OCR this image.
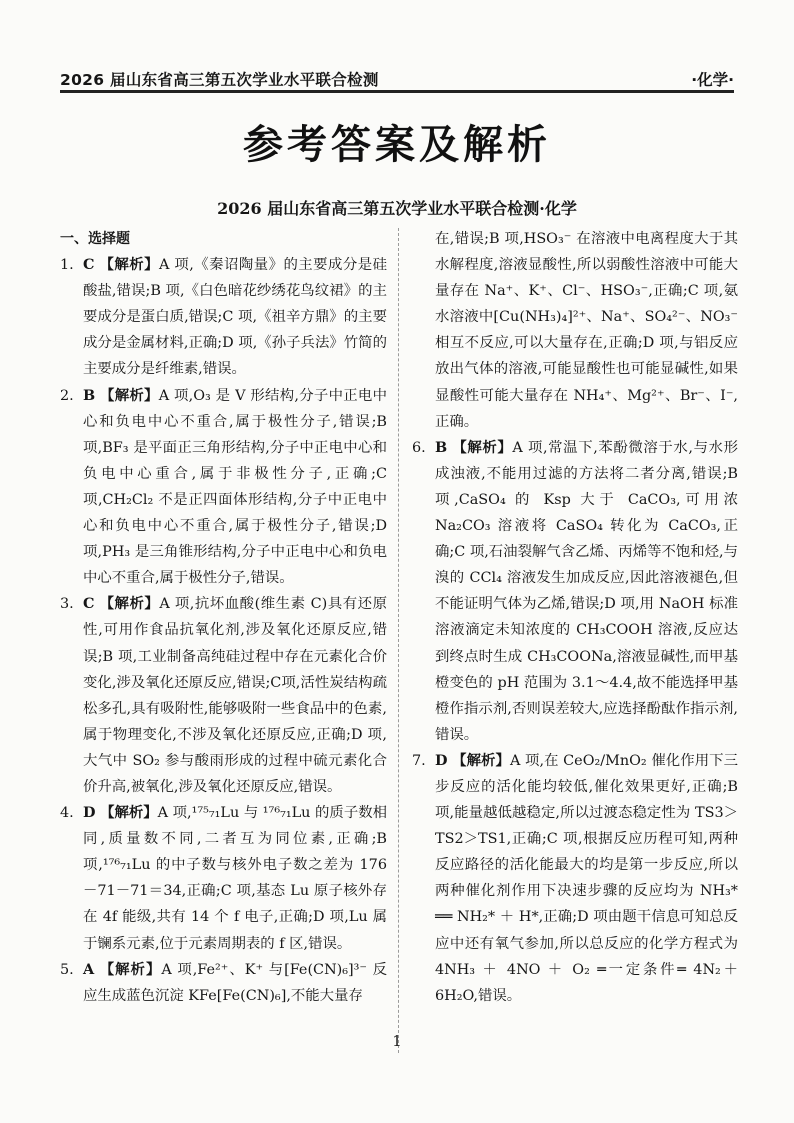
2026 届山东省高三第五次学业水平联合检测	·化学·
参考答案及解析
2026 届山东省高三第五次学业水平联合检测·化学
一、选择题
1. C 【解析】A 项,《秦诏陶量》的主要成分是硅酸盐,错误;B 项,《白色暗花纱绣花鸟纹裙》的主要成分是蛋白质,错误;C 项,《祖辛方鼎》的主要成分是金属材料,正确;D 项,《孙子兵法》竹简的主要成分是纤维素,错误。
2. B 【解析】A 项,O₃ 是 V 形结构,分子中正电中心和负电中心不重合,属于极性分子,错误;B 项,BF₃ 是平面正三角形结构,分子中正电中心和负电中心重合,属于非极性分子,正确;C 项,CH₂Cl₂ 不是正四面体形结构,分子中正电中心和负电中心不重合,属于极性分子,错误;D 项,PH₃ 是三角锥形结构,分子中正电中心和负电中心不重合,属于极性分子,错误。
3. C 【解析】A 项,抗坏血酸(维生素 C)具有还原性,可用作食品抗氧化剂,涉及氧化还原反应,错误;B 项,工业制备高纯硅过程中存在元素化合价变化,涉及氧化还原反应,错误;C项,活性炭结构疏松多孔,具有吸附性,能够吸附一些食品中的色素,属于物理变化,不涉及氧化还原反应,正确;D 项,大气中 SO₂ 参与酸雨形成的过程中硫元素化合价升高,被氧化,涉及氧化还原反应,错误。
4. D 【解析】A 项,¹⁷⁵₇₁Lu 与 ¹⁷⁶₇₁Lu 的质子数相同,质量数不同,二者互为同位素,正确;B 项,¹⁷⁶₇₁Lu 的中子数与核外电子数之差为 176－71－71＝34,正确;C 项,基态 Lu 原子核外存在 4f 能级,共有 14 个 f 电子,正确;D 项,Lu 属于镧系元素,位于元素周期表的 f 区,错误。
5. A 【解析】A 项,Fe²⁺、K⁺ 与[Fe(CN)₆]³⁻ 反应生成蓝色沉淀 KFe[Fe(CN)₆],不能大量存
在,错误;B 项,HSO₃⁻ 在溶液中电离程度大于其水解程度,溶液显酸性,所以弱酸性溶液中可能大量存在 Na⁺、K⁺、Cl⁻、HSO₃⁻,正确;C 项,氨水溶液中[Cu(NH₃)₄]²⁺、Na⁺、SO₄²⁻、NO₃⁻ 相互不反应,可以大量存在,正确;D 项,与铝反应放出气体的溶液,可能显酸性也可能显碱性,如果显酸性可能大量存在 NH₄⁺、Mg²⁺、Br⁻、I⁻,正确。
6. B 【解析】A 项,常温下,苯酚微溶于水,与水形成浊液,不能用过滤的方法将二者分离,错误;B 项,CaSO₄ 的 Ksp 大于 CaCO₃,可用浓 Na₂CO₃ 溶液将 CaSO₄ 转化为 CaCO₃,正确;C 项,石油裂解气含乙烯、丙烯等不饱和烃,与溴的 CCl₄ 溶液发生加成反应,因此溶液褪色,但不能证明气体为乙烯,错误;D 项,用 NaOH 标准溶液滴定未知浓度的 CH₃COOH 溶液,反应达到终点时生成 CH₃COONa,溶液显碱性,而甲基橙变色的 pH 范围为 3.1～4.4,故不能选择甲基橙作指示剂,否则误差较大,应选择酚酞作指示剂,错误。
7. D 【解析】A 项,在 CeO₂/MnO₂ 催化作用下三步反应的活化能均较低,催化效果更好,正确;B 项,能量越低越稳定,所以过渡态稳定性为 TS3＞TS2＞TS1,正确;C 项,根据反应历程可知,两种反应路径的活化能最大的均是第一步反应,所以两种催化剂作用下决速步骤的反应均为 NH₃* ══ NH₂* ＋ H*,正确;D 项由题干信息可知总反应中还有氧气参加,所以总反应的化学方程式为 4NH₃ ＋ 4NO ＋ O₂ ═一定条件═ 4N₂＋6H₂O,错误。
1
